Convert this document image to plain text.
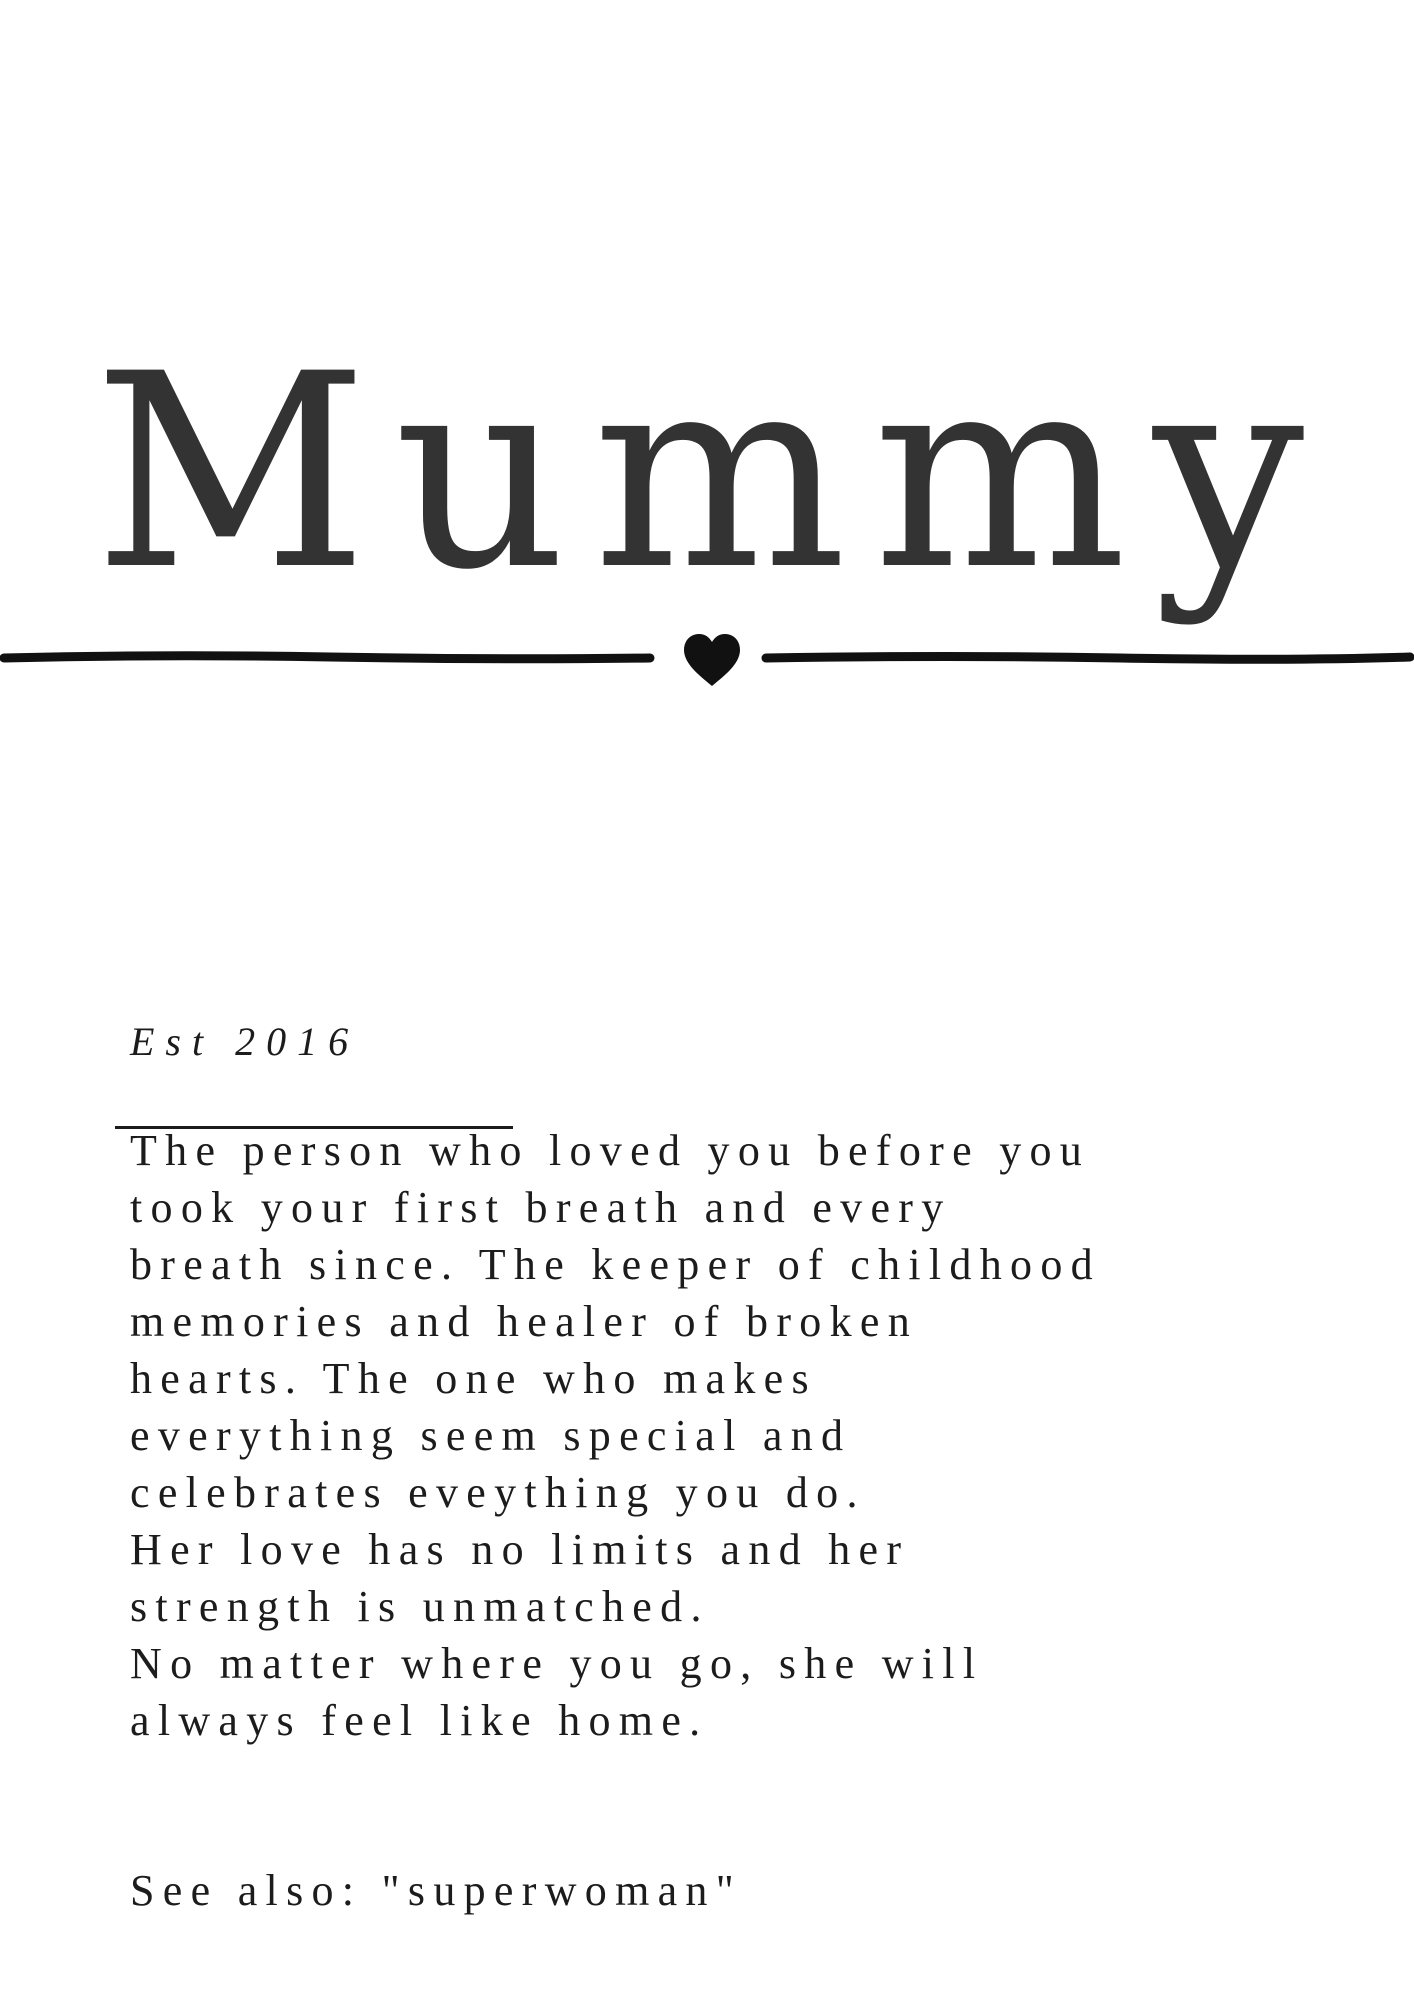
Mummy
Est 2016
The person who loved you before you
took your first breath and every
breath since. The keeper of childhood
memories and healer of broken
hearts. The one who makes
everything seem special and
celebrates eveything you do.
Her love has no limits and her
strength is unmatched.
No matter where you go, she will
always feel like home.
See also: "superwoman"
